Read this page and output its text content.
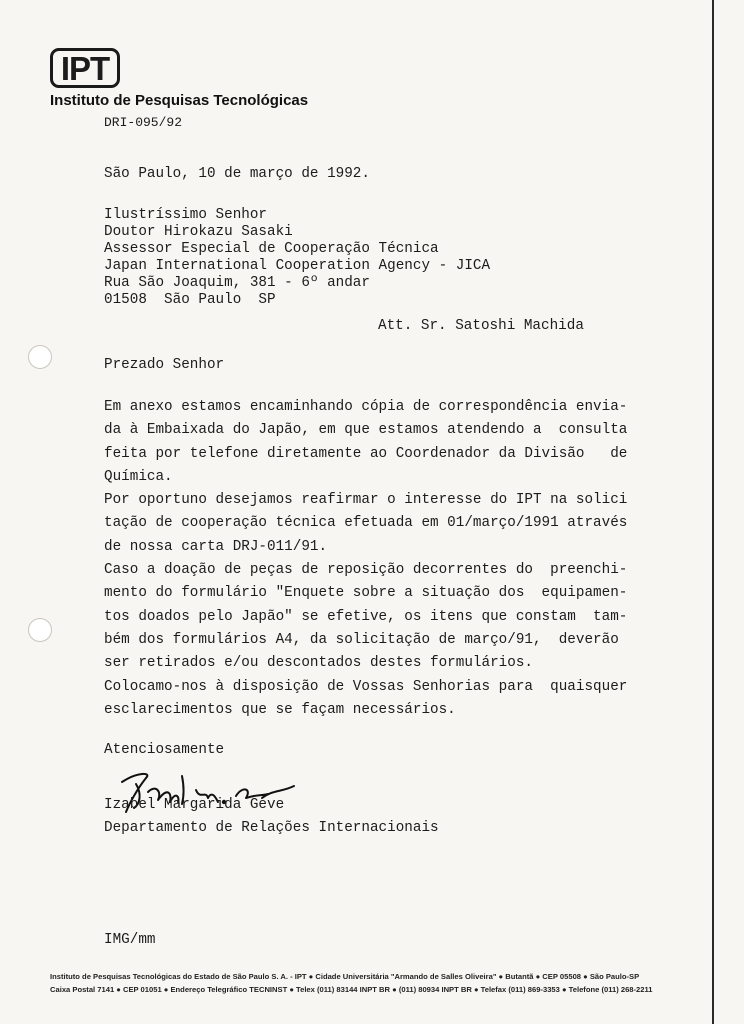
IPT
Instituto de Pesquisas Tecnológicas
DRI-095/92
São Paulo, 10 de março de 1992.
Ilustríssimo Senhor
Doutor Hirokazu Sasaki
Assessor Especial de Cooperação Técnica
Japan International Cooperation Agency - JICA
Rua São Joaquim, 381 - 6º andar
01508  São Paulo  SP
Att. Sr. Satoshi Machida
Prezado Senhor
Em anexo estamos encaminhando cópia de correspondência envia-
da à Embaixada do Japão, em que estamos atendendo a  consulta
feita por telefone diretamente ao Coordenador da Divisão   de
Química.
Por oportuno desejamos reafirmar o interesse do IPT na solici
tação de cooperação técnica efetuada em 01/março/1991 através
de nossa carta DRJ-011/91.
Caso a doação de peças de reposição decorrentes do  preenchi-
mento do formulário "Enquete sobre a situação dos  equipamen-
tos doados pelo Japão" se efetive, os itens que constam  tam-
bém dos formulários A4, da solicitação de março/91,  deverão
ser retirados e/ou descontados destes formulários.
Colocamo-nos à disposição de Vossas Senhorias para  quaisquer
esclarecimentos que se façam necessários.
Atenciosamente
Izabel Margarida Geve
Departamento de Relações Internacionais
IMG/mm
Instituto de Pesquisas Tecnológicas do Estado de São Paulo S. A. - IPT ● Cidade Universitária "Armando de Salles Oliveira" ● Butantã ● CEP 05508 ● São Paulo-SP
Caixa Postal 7141 ● CEP 01051 ● Endereço Telegráfico TECNINST ● Telex (011) 83144 INPT BR ● (011) 80934 INPT BR ● Telefax (011) 869-3353 ● Telefone (011) 268-2211
